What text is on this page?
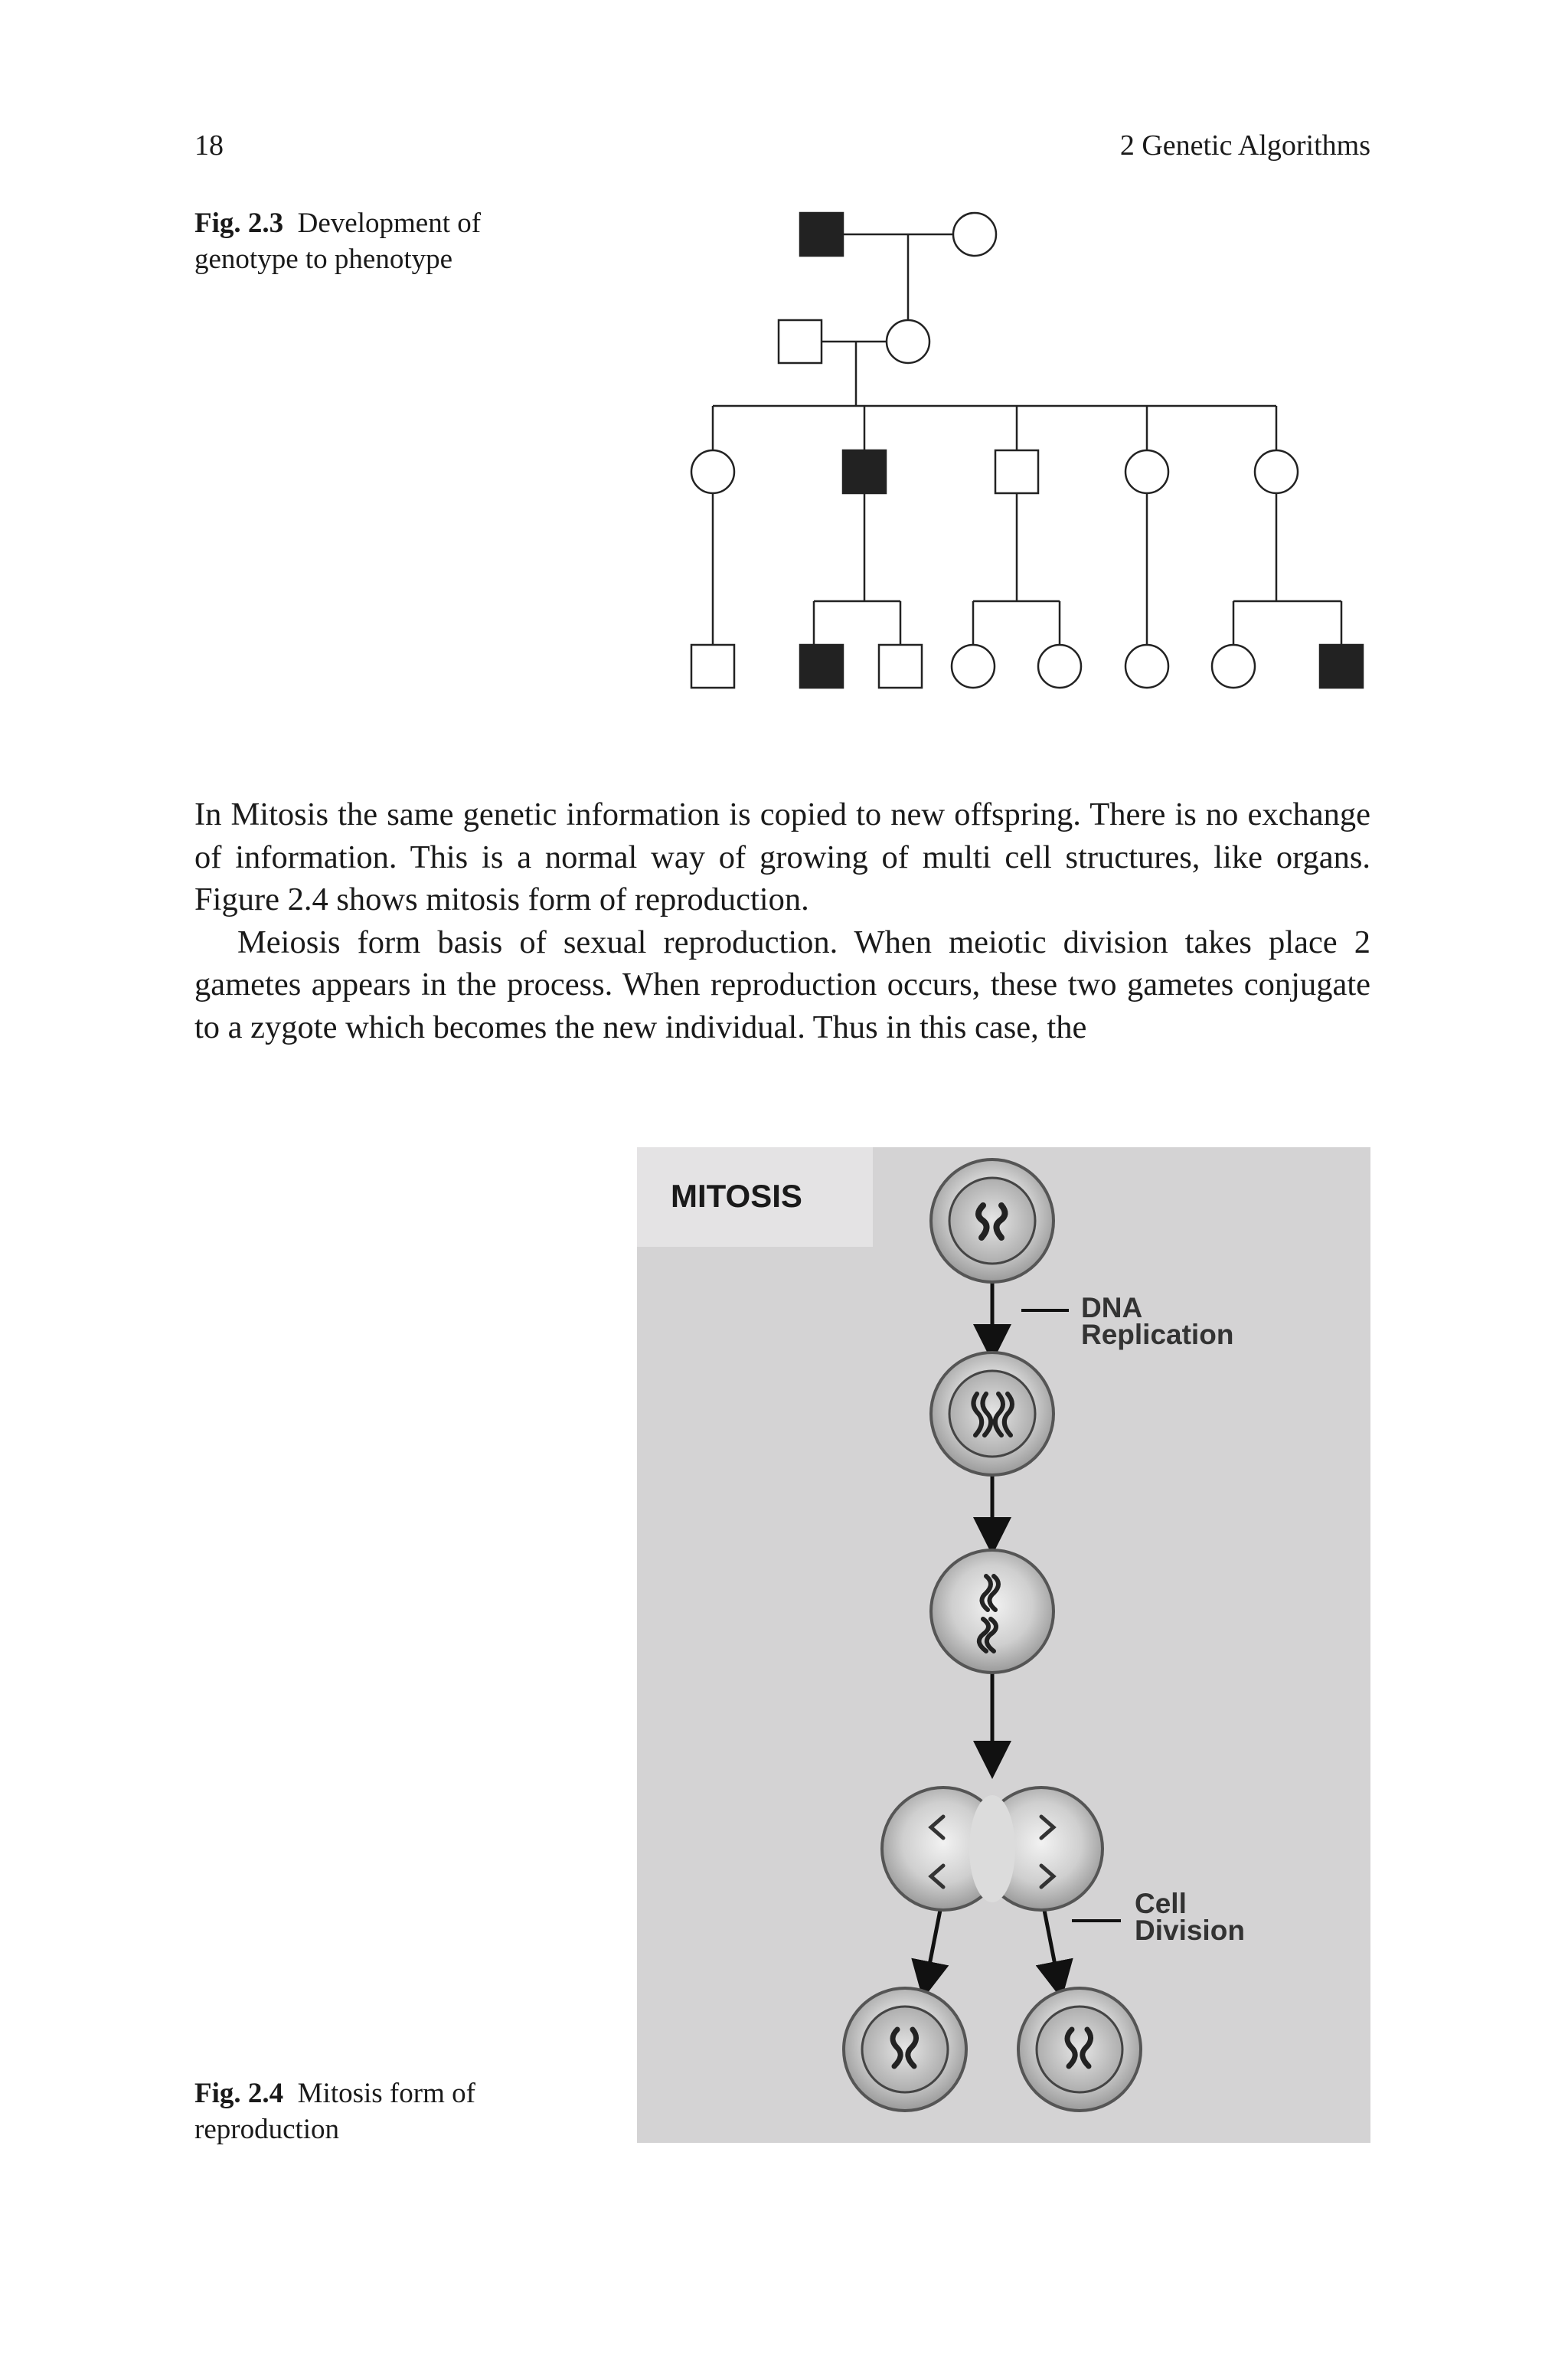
18	2 Genetic Algorithms
Fig. 2.3 Development of genotype to phenotype

In Mitosis the same genetic information is copied to new offspring. There is no exchange of information. This is a normal way of growing of multi cell structures, like organs. Figure 2.4 shows mitosis form of reproduction.

Meiosis form basis of sexual reproduction. When meiotic division takes place 2 gametes appears in the process. When reproduction occurs, these two gametes conjugate to a zygote which becomes the new individual. Thus in this case, the

MITOSIS
DNA
Replication
Cell
Division
Fig. 2.4 Mitosis form of reproduction
